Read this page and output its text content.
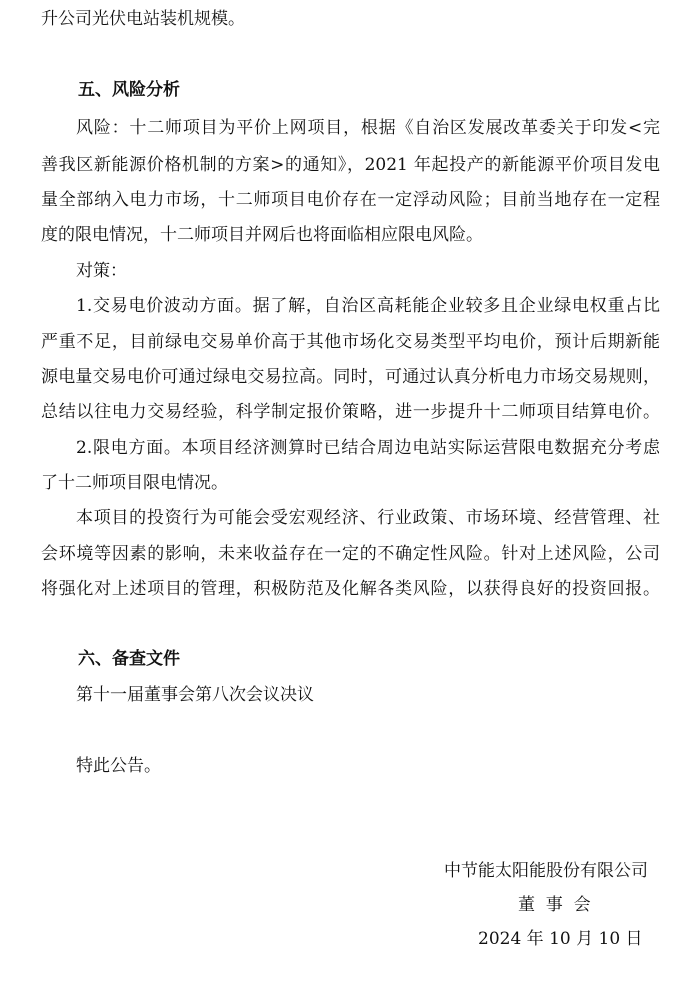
升公司光伏电站装机规模。
五、风险分析
风险：十二师项目为平价上网项目，根据《自治区发展改革委关于印发<完
善我区新能源价格机制的方案>的通知》，2021 年起投产的新能源平价项目发电
量全部纳入电力市场，十二师项目电价存在一定浮动风险；目前当地存在一定程
度的限电情况，十二师项目并网后也将面临相应限电风险。
对策：
1.交易电价波动方面。据了解，自治区高耗能企业较多且企业绿电权重占比
严重不足，目前绿电交易单价高于其他市场化交易类型平均电价，预计后期新能
源电量交易电价可通过绿电交易拉高。同时，可通过认真分析电力市场交易规则，
总结以往电力交易经验，科学制定报价策略，进一步提升十二师项目结算电价。
2.限电方面。本项目经济测算时已结合周边电站实际运营限电数据充分考虑
了十二师项目限电情况。
本项目的投资行为可能会受宏观经济、行业政策、市场环境、经营管理、社
会环境等因素的影响，未来收益存在一定的不确定性风险。针对上述风险，公司
将强化对上述项目的管理，积极防范及化解各类风险，以获得良好的投资回报。
六、备查文件
第十一届董事会第八次会议决议
特此公告。
中节能太阳能股份有限公司
董  事  会
2024 年 10 月 10 日
